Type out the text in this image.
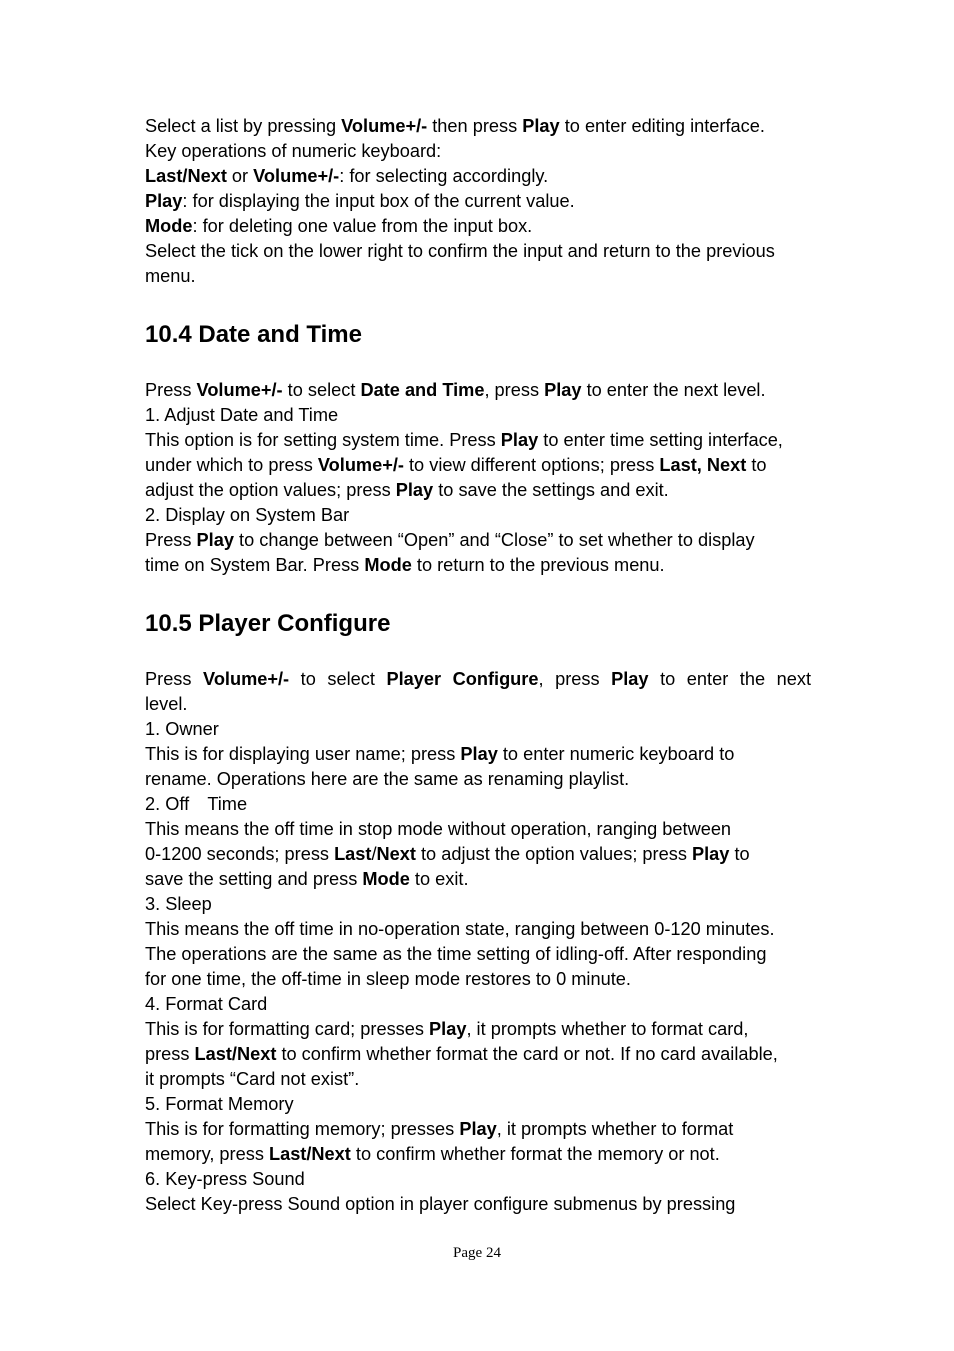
Select a list by pressing Volume+/- then press Play to enter editing interface.
Key operations of numeric keyboard:
Last/Next or Volume+/-: for selecting accordingly.
Play: for displaying the input box of the current value.
Mode: for deleting one value from the input box.
Select the tick on the lower right to confirm the input and return to the previous
menu.
10.4 Date and Time
Press Volume+/- to select Date and Time, press Play to enter the next level.
1. Adjust Date and Time
This option is for setting system time. Press Play to enter time setting interface,
under which to press Volume+/- to view different options; press Last, Next to
adjust the option values; press Play to save the settings and exit.
2. Display on System Bar
Press Play to change between “Open” and “Close” to set whether to display
time on System Bar. Press Mode to return to the previous menu.
10.5 Player Configure
Press Volume+/- to select Player Configure, press Play to enter the next
level.
1. Owner
This is for displaying user name; press Play to enter numeric keyboard to
rename. Operations here are the same as renaming playlist.
2. Off　Time
This means the off time in stop mode without operation, ranging between
0-1200 seconds; press Last/Next to adjust the option values; press Play to
save the setting and press Mode to exit.
3. Sleep
This means the off time in no-operation state, ranging between 0-120 minutes.
The operations are the same as the time setting of idling-off. After responding
for one time, the off-time in sleep mode restores to 0 minute.
4. Format Card
This is for formatting card; presses Play, it prompts whether to format card,
press Last/Next to confirm whether format the card or not. If no card available,
it prompts “Card not exist”.
5. Format Memory
This is for formatting memory; presses Play, it prompts whether to format
memory, press Last/Next to confirm whether format the memory or not.
6. Key-press Sound
Select Key-press Sound option in player configure submenus by pressing
Page 24
